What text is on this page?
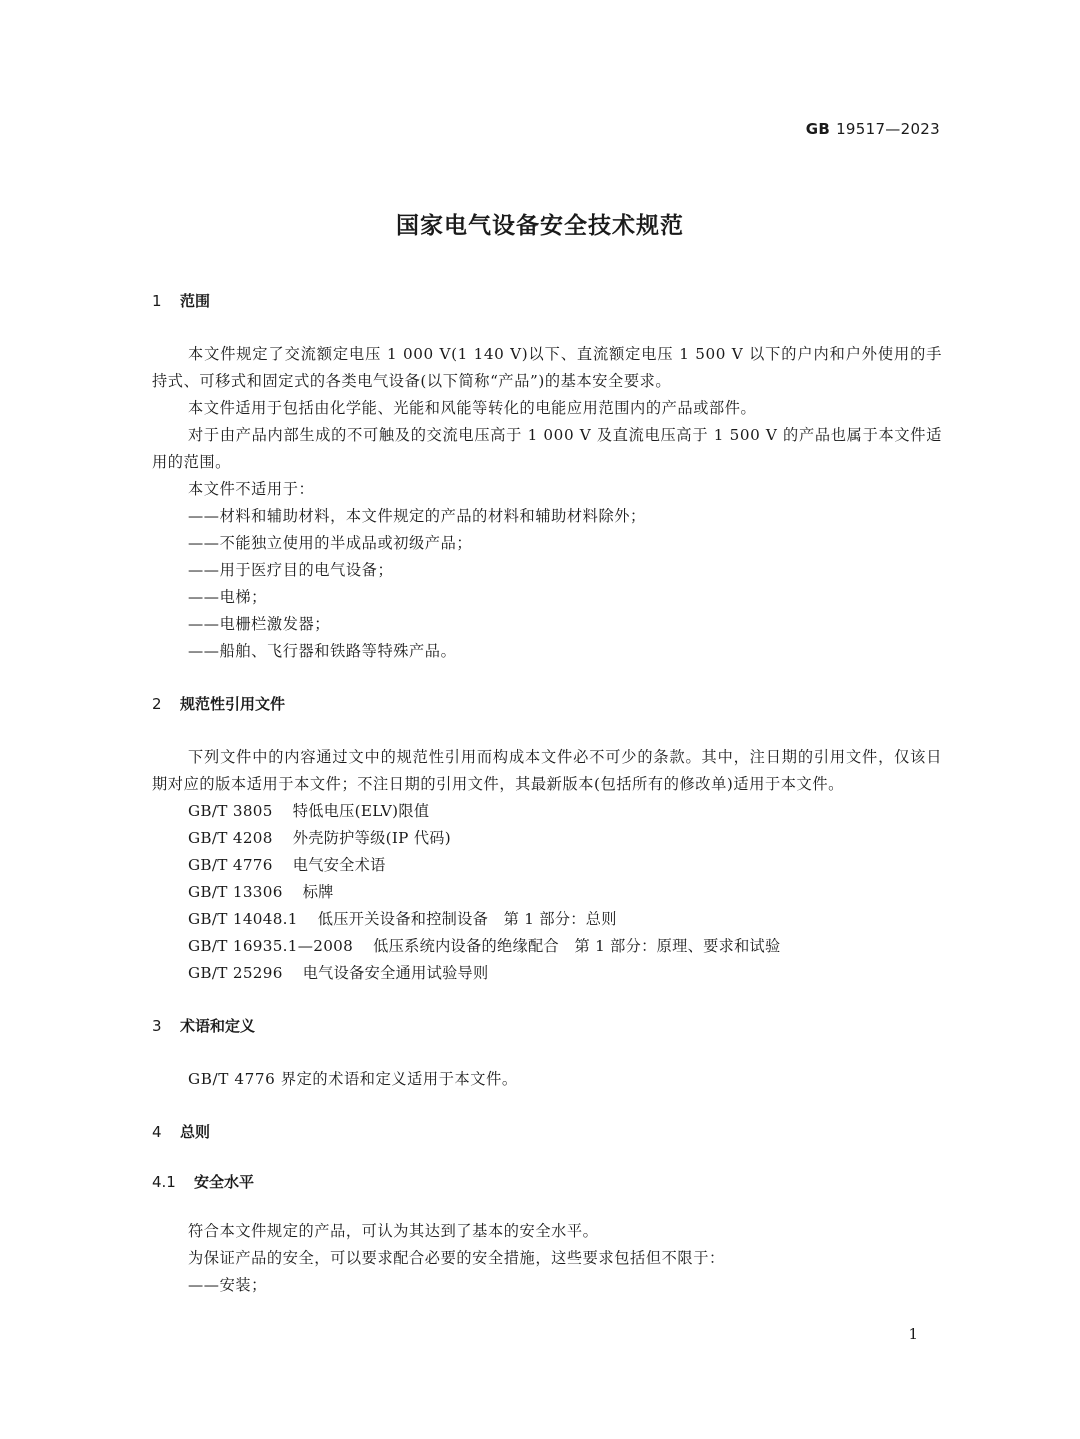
GB 19517—2023
国家电气设备安全技术规范
1 范围

本文件规定了交流额定电压 1 000 V(1 140 V)以下、直流额定电压 1 500 V 以下的户内和户外使用的手持式、可移式和固定式的各类电气设备(以下简称“产品”)的基本安全要求。

本文件适用于包括由化学能、光能和风能等转化的电能应用范围内的产品或部件。

对于由产品内部生成的不可触及的交流电压高于 1 000 V 及直流电压高于 1 500 V 的产品也属于本文件适用的范围。

本文件不适用于：

——材料和辅助材料，本文件规定的产品的材料和辅助材料除外；

——不能独立使用的半成品或初级产品；

——用于医疗目的电气设备；

——电梯；

——电栅栏激发器；

——船舶、飞行器和铁路等特殊产品。

2 规范性引用文件

下列文件中的内容通过文中的规范性引用而构成本文件必不可少的条款。其中，注日期的引用文件，仅该日期对应的版本适用于本文件；不注日期的引用文件，其最新版本(包括所有的修改单)适用于本文件。

GB/T 3805 特低电压(ELV)限值

GB/T 4208 外壳防护等级(IP 代码)

GB/T 4776 电气安全术语

GB/T 13306 标牌

GB/T 14048.1 低压开关设备和控制设备　第 1 部分：总则

GB/T 16935.1—2008 低压系统内设备的绝缘配合　第 1 部分：原理、要求和试验

GB/T 25296 电气设备安全通用试验导则

3 术语和定义

GB/T 4776 界定的术语和定义适用于本文件。

4 总则
4.1 安全水平

符合本文件规定的产品，可认为其达到了基本的安全水平。

为保证产品的安全，可以要求配合必要的安全措施，这些要求包括但不限于：

——安装；

1
